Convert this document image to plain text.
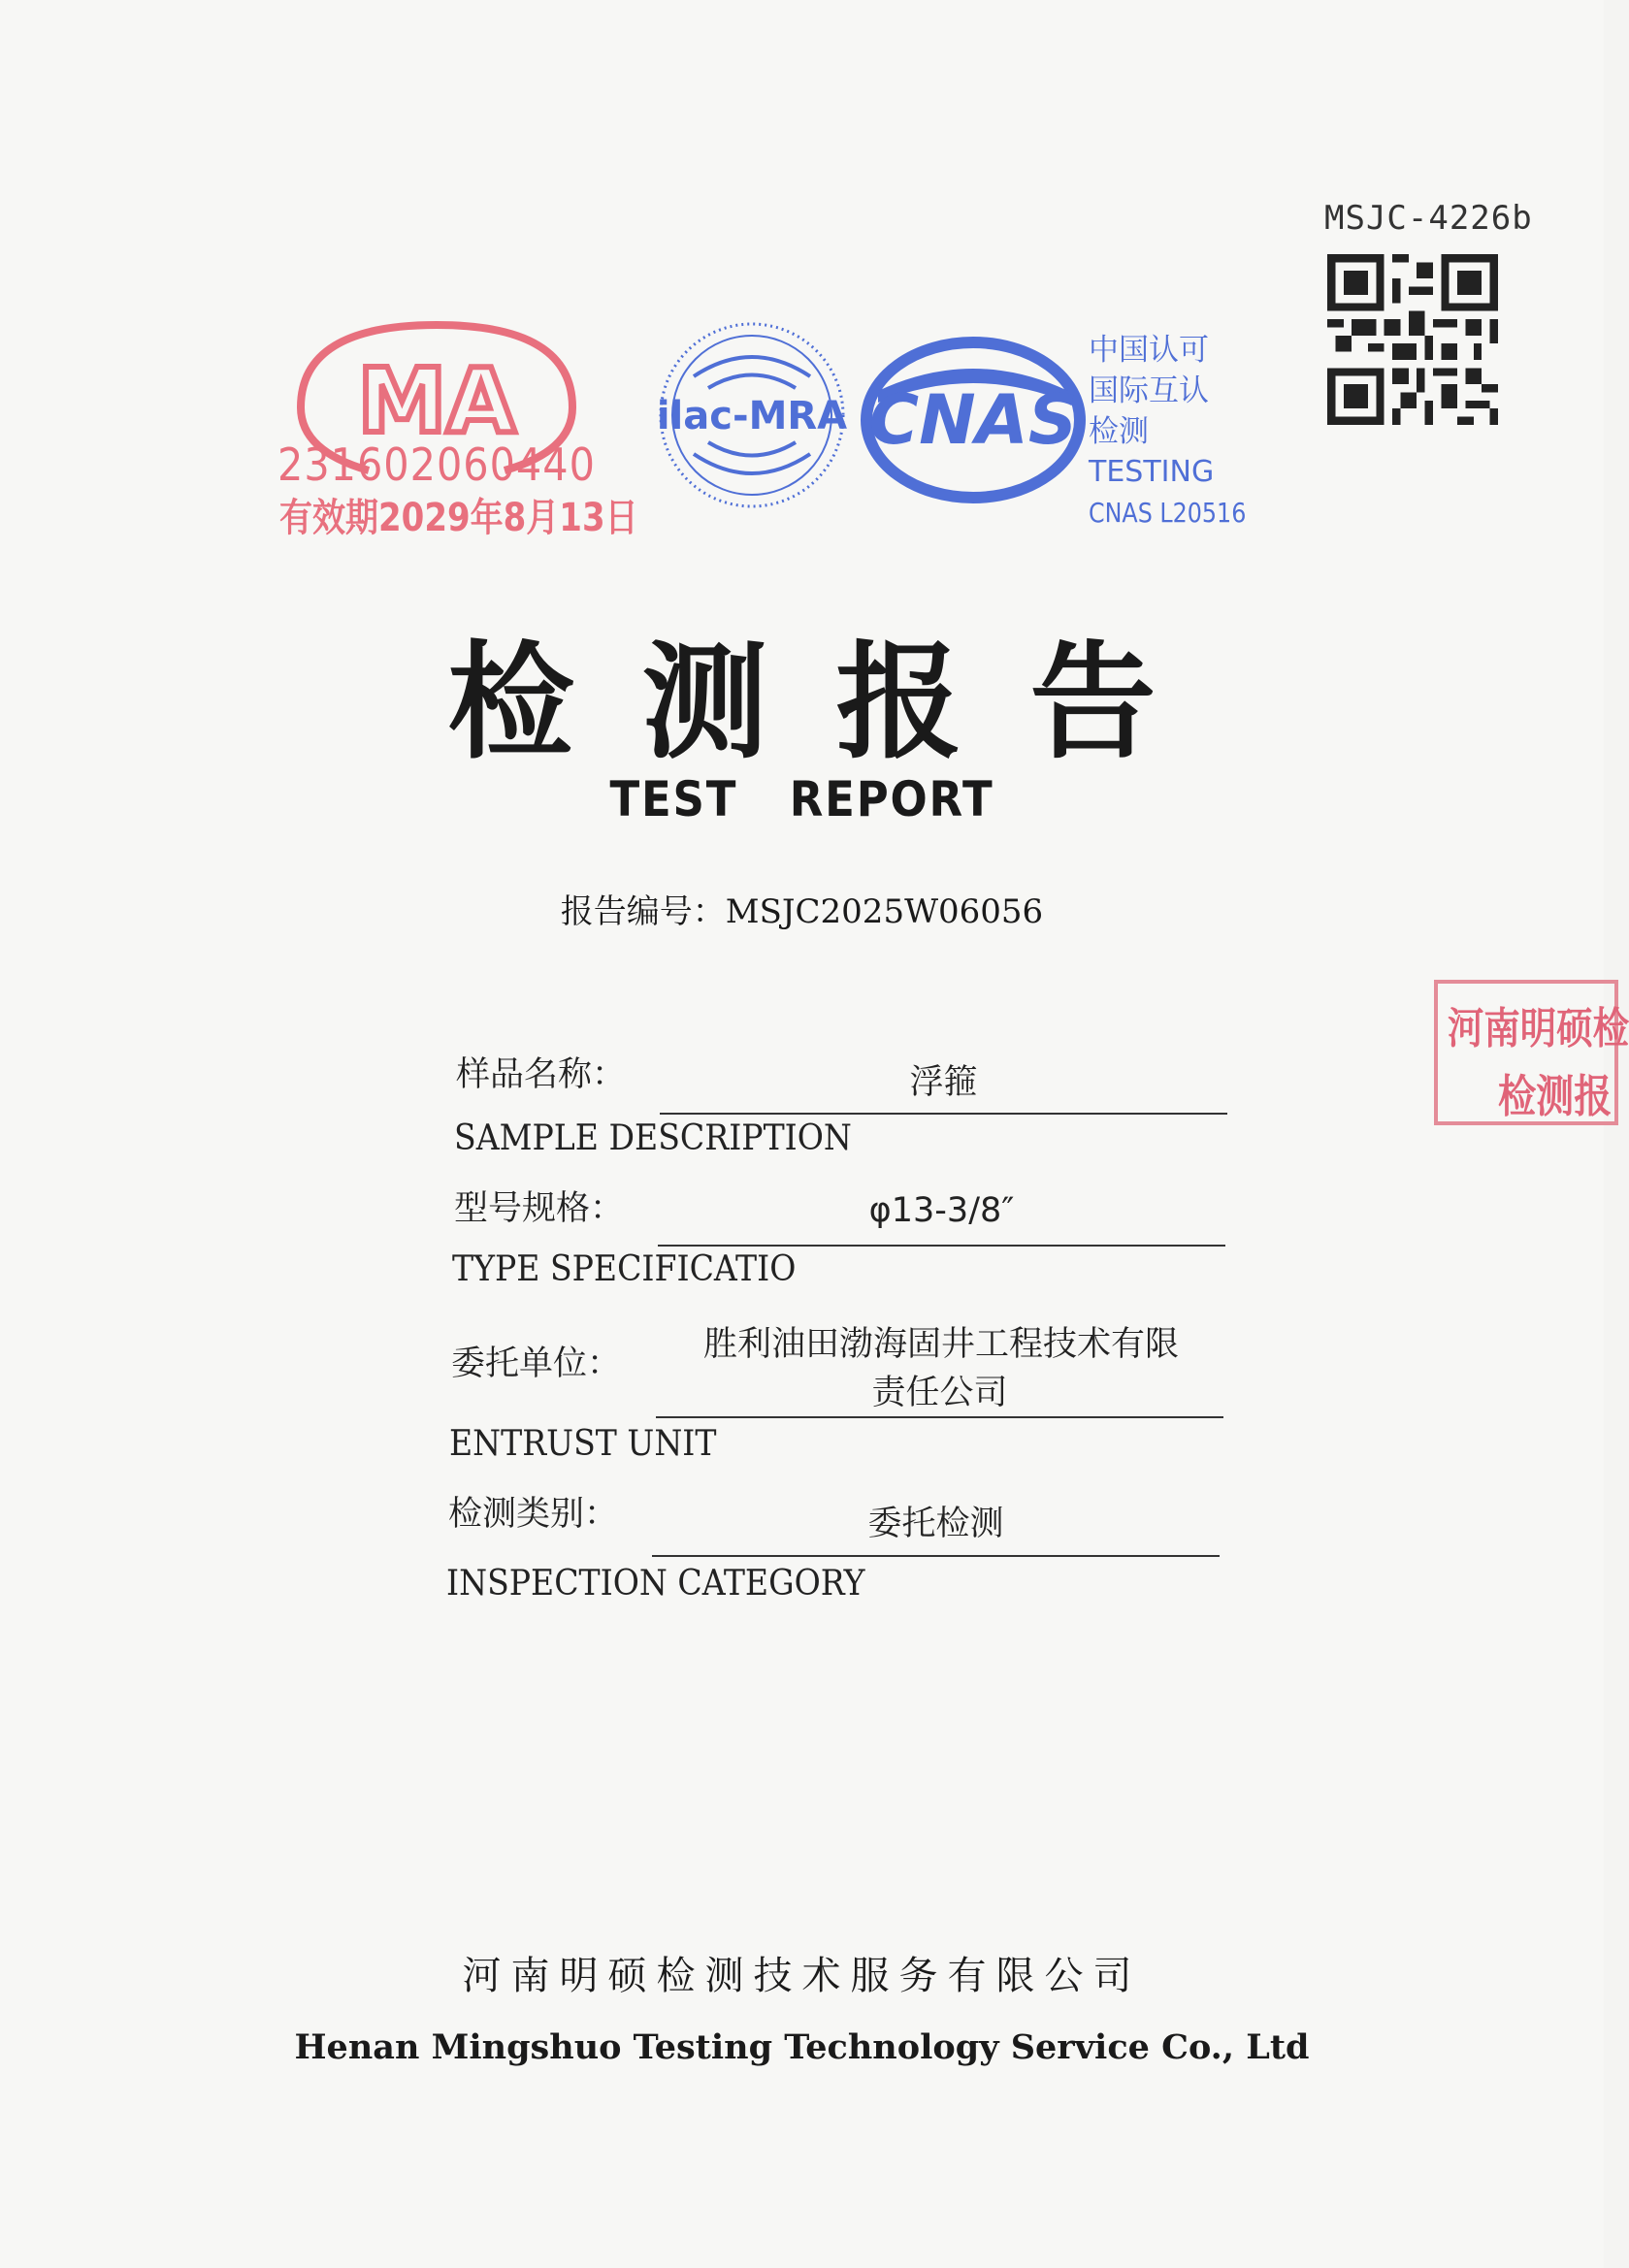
MSJC-4226b
MA
231602060440
有效期2029年8月13日
ilac-MRA CNAS
中国认可
国际互认
检测
TESTING
CNAS L20516
检测报告
TEST REPORT
报告编号：MSJC2025W06056
样品名称：	浮箍
SAMPLE DESCRIPTION
型号规格：	φ13-3/8″
TYPE SPECIFICATIO
委托单位：	胜利油田渤海固井工程技术有限
责任公司
ENTRUST UNIT
检测类别：	委托检测
INSPECTION CATEGORY
河南明硕检
检测报
河南明硕检测技术服务有限公司
Henan Mingshuo Testing Technology Service Co., Ltd
